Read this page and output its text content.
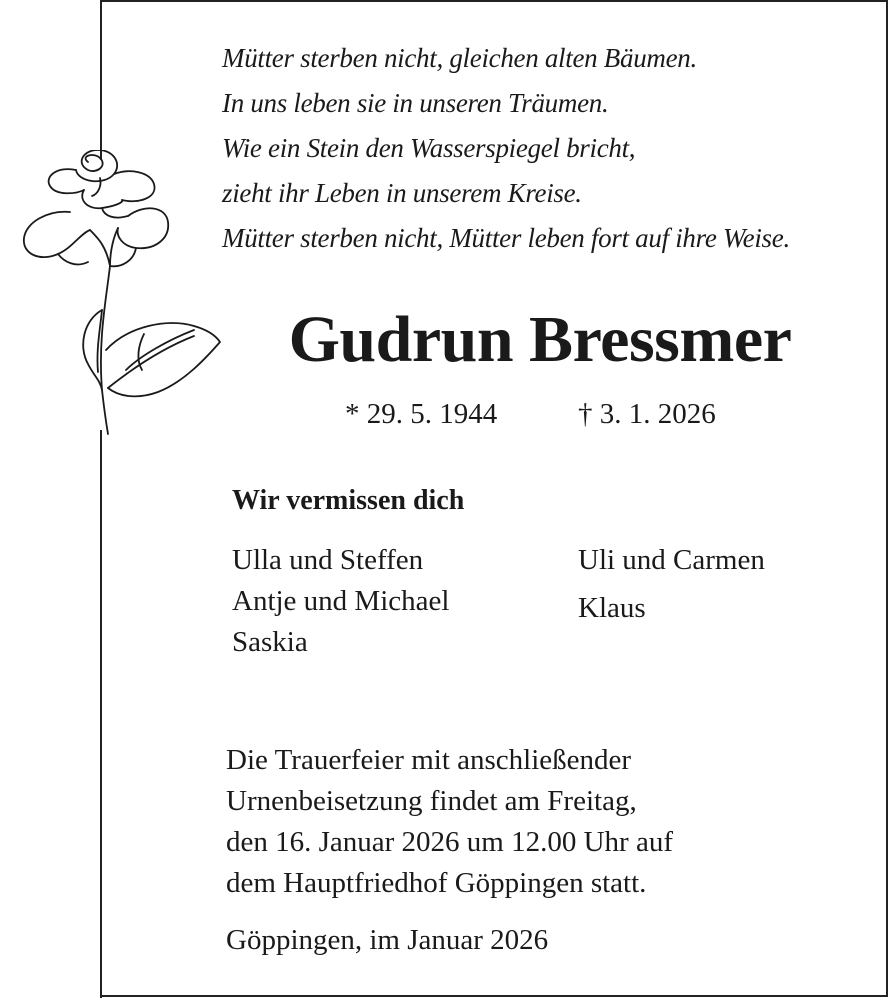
Mütter sterben nicht, gleichen alten Bäumen.
In uns leben sie in unseren Träumen.
Wie ein Stein den Wasserspiegel bricht,
zieht ihr Leben in unserem Kreise.
Mütter sterben nicht, Mütter leben fort auf ihre Weise.
Gudrun Bressmer
* 29. 5. 1944	† 3. 1. 2026
Wir vermissen dich
Ulla und Steffen
Antje und Michael
Saskia
Uli und Carmen
Klaus
Die Trauerfeier mit anschließender
Urnenbeisetzung findet am Freitag,
den 16. Januar 2026 um 12.00 Uhr auf
dem Hauptfriedhof Göppingen statt.
Göppingen, im Januar 2026
